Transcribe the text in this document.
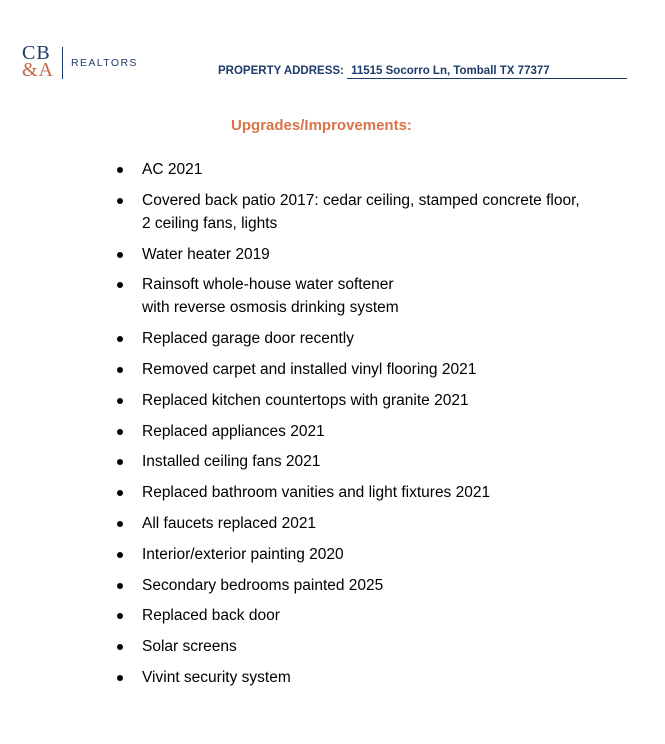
CB
&A REALTORS
PROPERTY ADDRESS: 11515 Socorro Ln, Tomball TX 77377
Upgrades/Improvements:
AC 2021
Covered back patio 2017: cedar ceiling, stamped concrete floor,
2 ceiling fans, lights
Water heater 2019
Rainsoft whole-house water softener
with reverse osmosis drinking system
Replaced garage door recently
Removed carpet and installed vinyl flooring 2021
Replaced kitchen countertops with granite 2021
Replaced appliances 2021
Installed ceiling fans 2021
Replaced bathroom vanities and light fixtures 2021
All faucets replaced 2021
Interior/exterior painting 2020
Secondary bedrooms painted 2025
Replaced back door
Solar screens
Vivint security system
